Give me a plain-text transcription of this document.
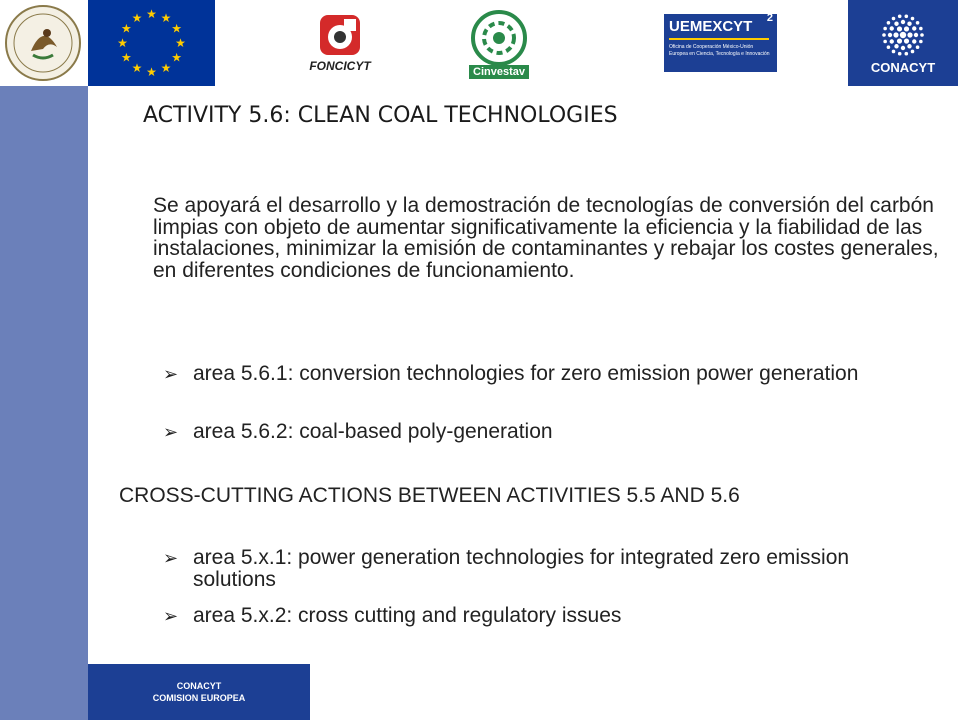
★ ★
★
★
★
★
★
★
★
★
★
★
FONCICYT	Cinvestav
UEMEXCYT 2
Oficina de Cooperación México-Unión Europea en Ciencia, Tecnología e Innovación
CONACYT
CONACYT
COMISION EUROPEA
ACTIVITY 5.6: CLEAN COAL TECHNOLOGIES

Se apoyará el desarrollo y la demostración de tecnologías de conversión del carbón limpias con objeto de aumentar significativamente la eficiencia y la fiabilidad de las instalaciones, minimizar la emisión de contaminantes y rebajar los costes generales, en diferentes condiciones de funcionamiento.

➢ area 5.6.1: conversion technologies for zero emission power generation
➢ area 5.6.2: coal-based poly-generation
CROSS-CUTTING ACTIONS BETWEEN ACTIVITIES 5.5 AND 5.6
➢ area 5.x.1: power generation technologies for integrated zero emission solutions
➢ area 5.x.2: cross cutting and regulatory issues
